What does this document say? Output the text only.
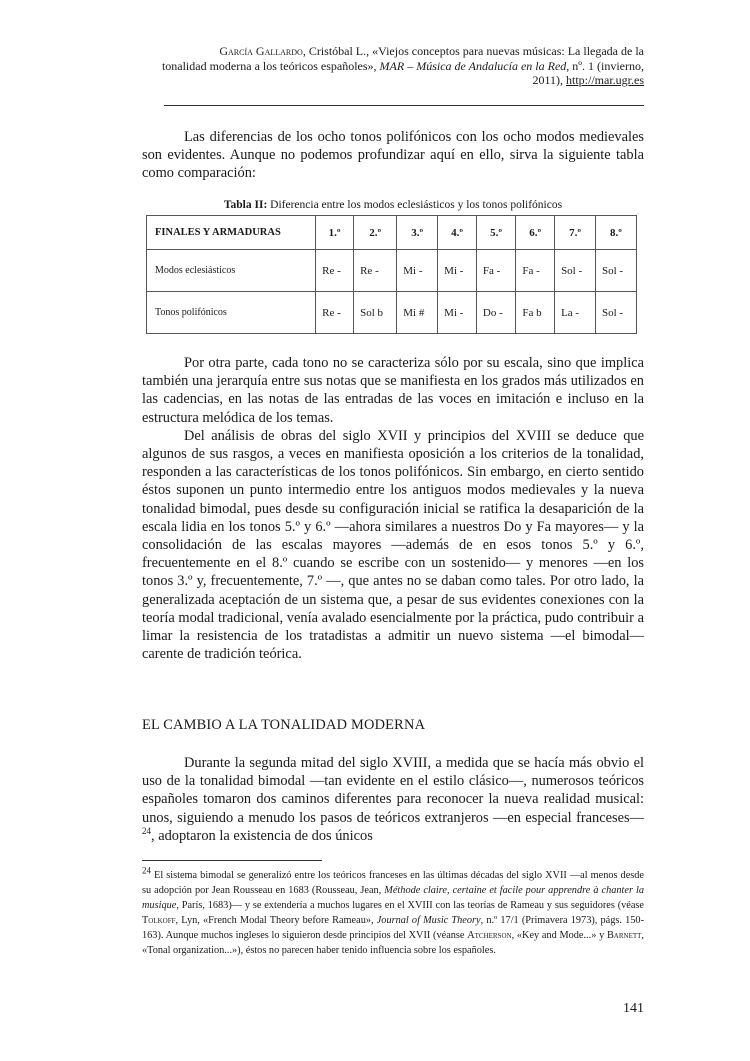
García Gallardo, Cristóbal L., «Viejos conceptos para nuevas músicas: La llegada de la
tonalidad moderna a los teóricos españoles», MAR – Música de Andalucía en la Red, nº. 1 (invierno,
2011), http://mar.ugr.es

Las diferencias de los ocho tonos polifónicos con los ocho modos medievales son evidentes. Aunque no podemos profundizar aquí en ello, sirva la siguiente tabla como comparación:

Tabla II: Diferencia entre los modos eclesiásticos y los tonos polifónicos
FINALES Y ARMADURAS	1.º	2.º	3.º	4.º	5.º	6.º	7.º	8.º
Modos eclesiásticos	Re -	Re -	Mi -	Mi -	Fa -	Fa -	Sol -	Sol -
Tonos polifónicos	Re -	Sol b	Mi #	Mi -	Do -	Fa b	La -	Sol -

Por otra parte, cada tono no se caracteriza sólo por su escala, sino que implica también una jerarquía entre sus notas que se manifiesta en los grados más utilizados en las cadencias, en las notas de las entradas de las voces en imitación e incluso en la estructura melódica de los temas.

Del análisis de obras del siglo XVII y principios del XVIII se deduce que algunos de sus rasgos, a veces en manifiesta oposición a los criterios de la tonalidad, responden a las características de los tonos polifónicos. Sin embargo, en cierto sentido éstos suponen un punto intermedio entre los antiguos modos medievales y la nueva tonalidad bimodal, pues desde su configuración inicial se ratifica la desaparición de la escala lidia en los tonos 5.º y 6.º —ahora similares a nuestros Do y Fa mayores— y la consolidación de las escalas mayores —además de en esos tonos 5.º y 6.º, frecuentemente en el 8.º cuando se escribe con un sostenido— y menores —en los tonos 3.º y, frecuentemente, 7.º —, que antes no se daban como tales. Por otro lado, la generalizada aceptación de un sistema que, a pesar de sus evidentes conexiones con la teoría modal tradicional, venía avalado esencialmente por la práctica, pudo contribuir a limar la resistencia de los tratadistas a admitir un nuevo sistema —el bimodal— carente de tradición teórica.

EL CAMBIO A LA TONALIDAD MODERNA

Durante la segunda mitad del siglo XVIII, a medida que se hacía más obvio el uso de la tonalidad bimodal —tan evidente en el estilo clásico—, numerosos teóricos españoles tomaron dos caminos diferentes para reconocer la nueva realidad musical: unos, siguiendo a menudo los pasos de teóricos extranjeros —en especial franceses—$^{24}$, adoptaron la existencia de dos únicos

$^{24}$ El sistema bimodal se generalizó entre los teóricos franceses en las últimas décadas del siglo XVII —al menos desde su adopción por Jean Rousseau en 1683 (Rousseau, Jean, Méthode claire, certaine et facile pour apprendre à chanter la musique, París, 1683)— y se extendería a muchos lugares en el XVIII con las teorías de Rameau y sus seguidores (véase Tolkoff, Lyn, «French Modal Theory before Rameau», Journal of Music Theory, n.º 17/1 (Primavera 1973), págs. 150-163). Aunque muchos ingleses lo siguieron desde principios del XVII (véanse Atcherson, «Key and Mode...» y Barnett, «Tonal organization...»), éstos no parecen haber tenido influencia sobre los españoles.
141
